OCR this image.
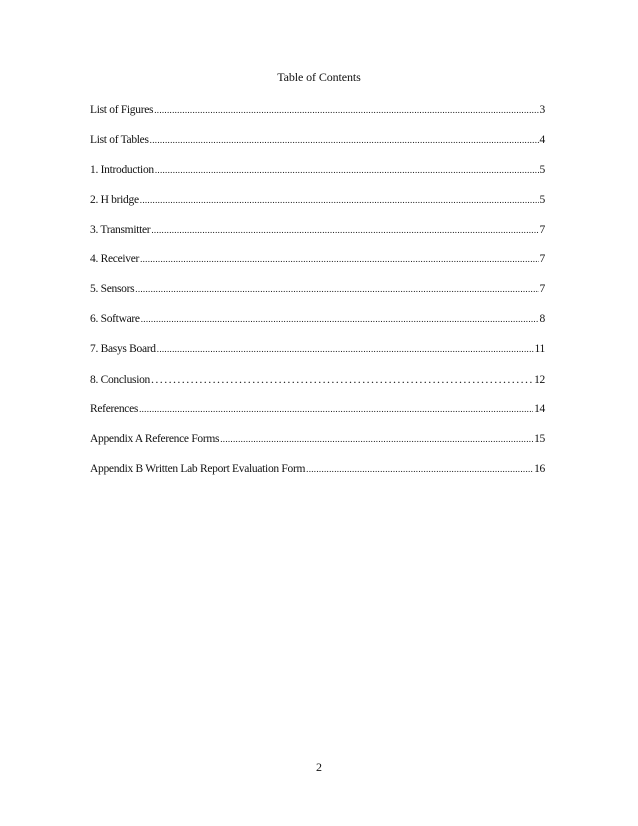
Table of Contents
List of Figures .....	3
List of Tables .....	4
1. Introduction .....	5
2. H bridge .....	5
3. Transmitter .....	7
4. Receiver .....	7
5. Sensors .....	7
6. Software .....	8
7. Basys Board .....	11
8. Conclusion .....	12
References .....	14
Appendix A Reference Forms .....	15
Appendix B Written Lab Report Evaluation Form .....	16
2
